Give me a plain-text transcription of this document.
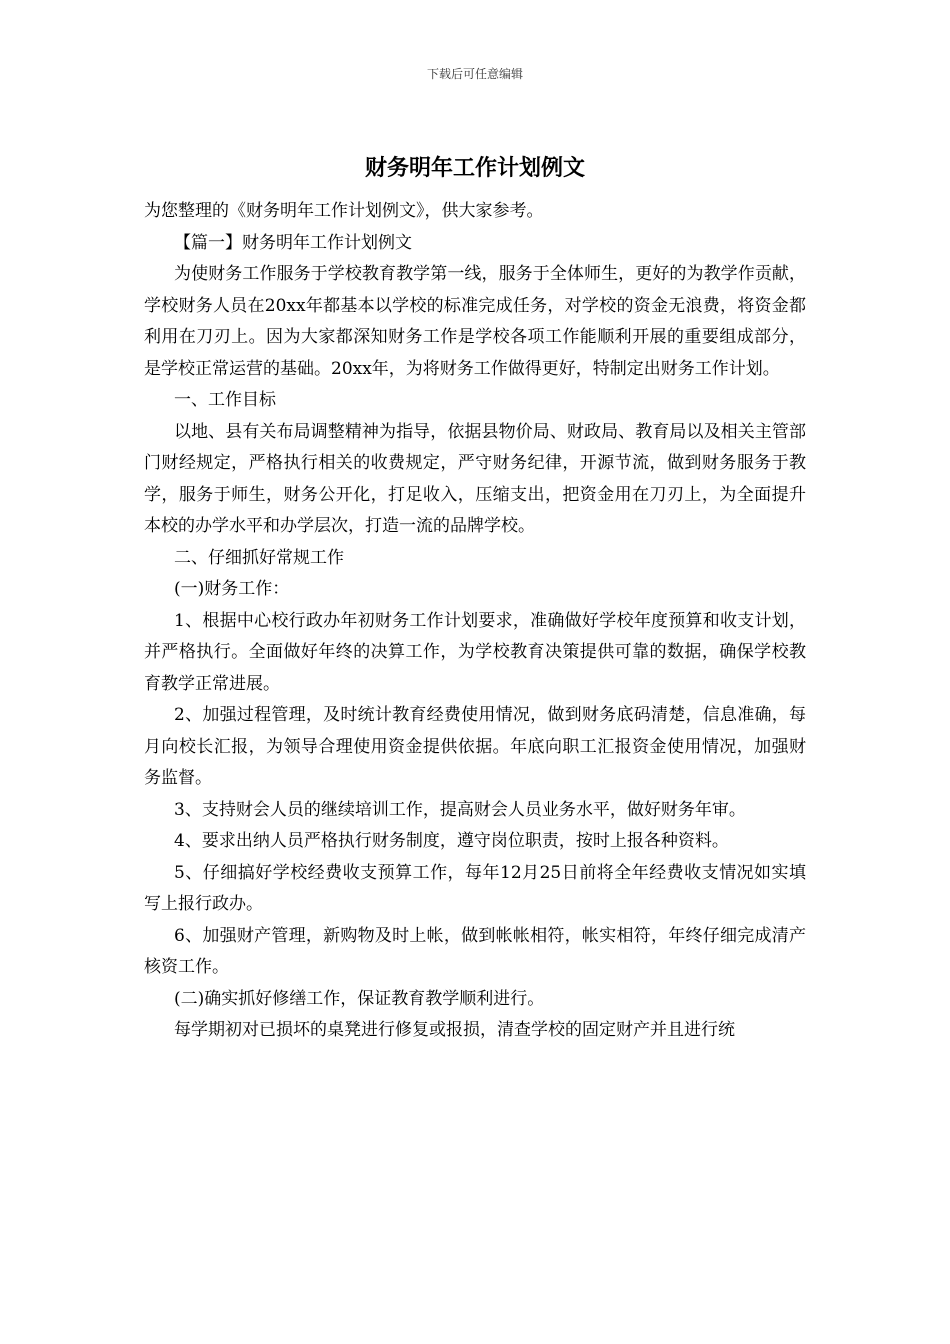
下载后可任意编辑
财务明年工作计划例文

为您整理的《财务明年工作计划例文》，供大家参考。

【篇一】财务明年工作计划例文

为使财务工作服务于学校教育教学第一线，服务于全体师生，更好的为教学作贡献，学校财务人员在20xx年都基本以学校的标准完成任务，对学校的资金无浪费，将资金都利用在刀刃上。因为大家都深知财务工作是学校各项工作能顺利开展的重要组成部分，是学校正常运营的基础。20xx年，为将财务工作做得更好，特制定出财务工作计划。

一、工作目标

以地、县有关布局调整精神为指导，依据县物价局、财政局、教育局以及相关主管部门财经规定，严格执行相关的收费规定，严守财务纪律，开源节流，做到财务服务于教学，服务于师生，财务公开化，打足收入，压缩支出，把资金用在刀刃上，为全面提升本校的办学水平和办学层次，打造一流的品牌学校。

二、仔细抓好常规工作

(一)财务工作：

1、根据中心校行政办年初财务工作计划要求，准确做好学校年度预算和收支计划，并严格执行。全面做好年终的决算工作，为学校教育决策提供可靠的数据，确保学校教育教学正常进展。

2、加强过程管理，及时统计教育经费使用情况，做到财务底码清楚，信息准确，每月向校长汇报，为领导合理使用资金提供依据。年底向职工汇报资金使用情况，加强财务监督。

3、支持财会人员的继续培训工作，提高财会人员业务水平，做好财务年审。

4、要求出纳人员严格执行财务制度，遵守岗位职责，按时上报各种资料。

5、仔细搞好学校经费收支预算工作，每年12月25日前将全年经费收支情况如实填写上报行政办。

6、加强财产管理，新购物及时上帐，做到帐帐相符，帐实相符，年终仔细完成清产核资工作。

(二)确实抓好修缮工作，保证教育教学顺利进行。

每学期初对已损坏的桌凳进行修复或报损，清查学校的固定财产并且进行统
